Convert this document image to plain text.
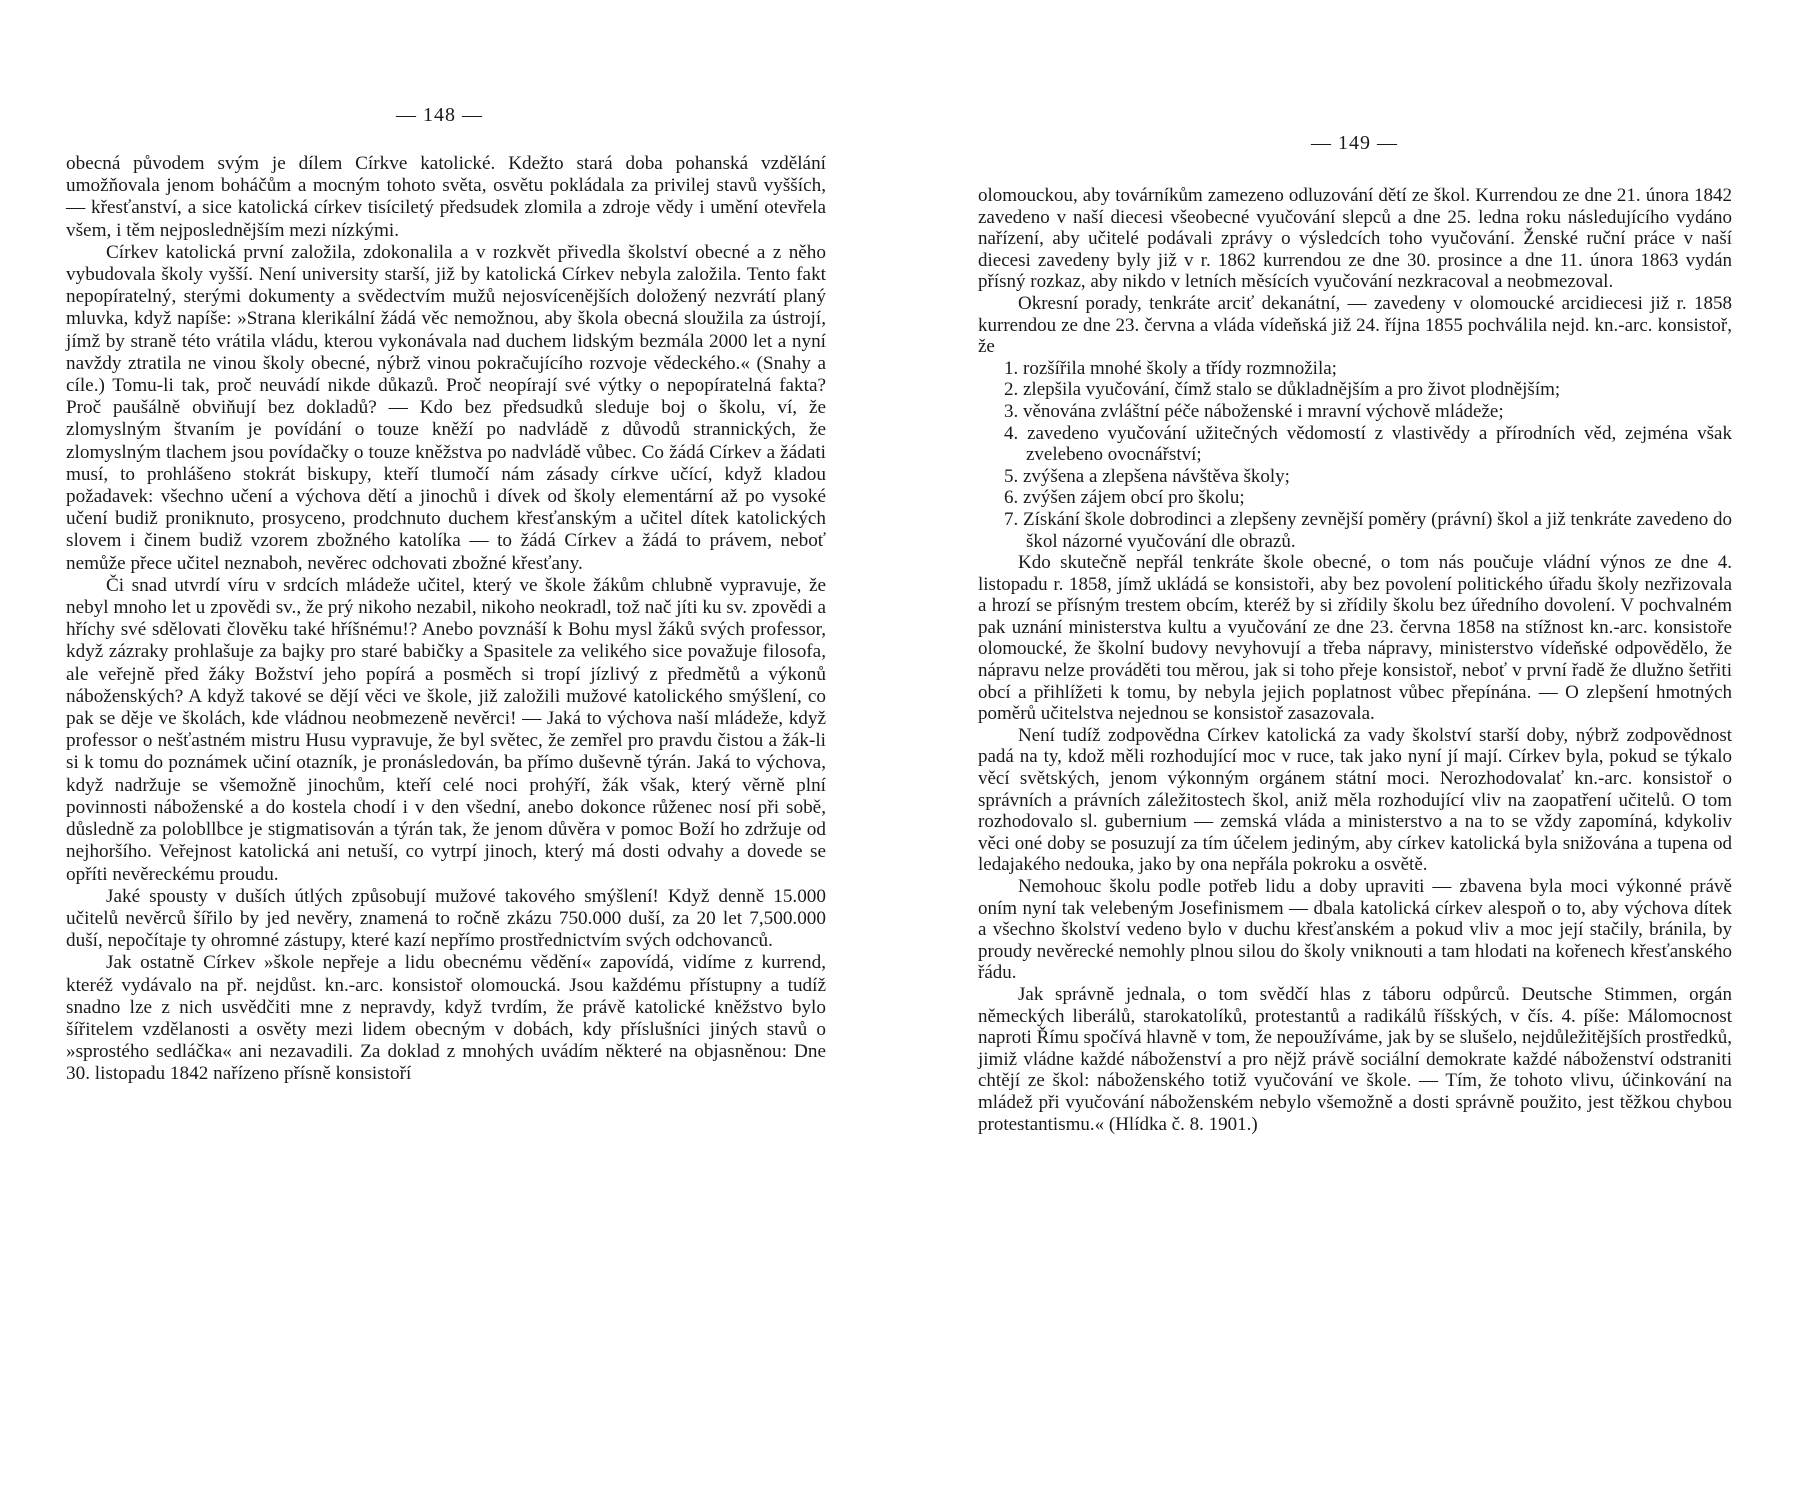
— 148 —

obecná původem svým je dílem Církve katolické. Kdežto stará doba pohanská vzdělání umožňovala jenom boháčům a mocným tohoto světa, osvětu pokládala za privilej stavů vyšších, — křesťanství, a sice katolická církev tisíciletý předsudek zlomila a zdroje vědy i umění otevřela všem, i těm nejposlednějším mezi nízkými.

Církev katolická první založila, zdokonalila a v rozkvět přivedla školství obecné a z něho vybudovala školy vyšší. Není university starší, již by katolická Církev nebyla založila. Tento fakt nepopíratelný, sterými dokumenty a svědectvím mužů nejosvícenějších doložený nezvrátí planý mluvka, když napíše: »Strana klerikální žádá věc nemožnou, aby škola obecná sloužila za ústrojí, jímž by straně této vrátila vládu, kterou vykonávala nad duchem lidským bezmála 2000 let a nyní navždy ztratila ne vinou školy obecné, nýbrž vinou pokračujícího rozvoje vědeckého.« (Snahy a cíle.) Tomu-li tak, proč neuvádí nikde důkazů. Proč neopírají své výtky o nepopíratelná fakta? Proč paušálně obviňují bez dokladů? — Kdo bez předsudků sleduje boj o školu, ví, že zlomyslným štvaním je povídání o touze kněží po nadvládě z důvodů strannických, že zlomyslným tlachem jsou povídačky o touze kněžstva po nadvládě vůbec. Co žádá Církev a žádati musí, to prohlášeno stokrát biskupy, kteří tlumočí nám zásady církve učící, když kladou požadavek: všechno učení a výchova dětí a jinochů i dívek od školy elementární až po vysoké učení budiž proniknuto, prosyceno, prodchnuto duchem křesťanským a učitel dítek katolických slovem i činem budiž vzorem zbožného katolíka — to žádá Církev a žádá to právem, neboť nemůže přece učitel neznaboh, nevěrec odchovati zbožné křesťany.

Či snad utvrdí víru v srdcích mládeže učitel, který ve škole žákům chlubně vypravuje, že nebyl mnoho let u zpovědi sv., že prý nikoho nezabil, nikoho neokradl, tož nač jíti ku sv. zpovědi a hříchy své sdělovati člověku také hříšnému!? Anebo povznáší k Bohu mysl žáků svých professor, když zázraky prohlašuje za bajky pro staré babičky a Spasitele za velikého sice považuje filosofa, ale veřejně před žáky Božství jeho popírá a posměch si tropí jízlivý z předmětů a výkonů náboženských? A když takové se dějí věci ve škole, již založili mužové katolického smýšlení, co pak se děje ve školách, kde vládnou neobmezeně nevěrci! — Jaká to výchova naší mládeže, když professor o nešťastném mistru Husu vypravuje, že byl světec, že zemřel pro pravdu čistou a žák-li si k tomu do poznámek učiní otazník, je pronásledován, ba přímo duševně týrán. Jaká to výchova, když nadržuje se všemožně jinochům, kteří celé noci prohýří, žák však, který věrně plní povinnosti náboženské a do kostela chodí i v den všední, anebo dokonce růženec nosí při sobě, důsledně za polobllbce je stigmatisován a týrán tak, že jenom důvěra v pomoc Boží ho zdržuje od nejhoršího. Veřejnost katolická ani netuší, co vytrpí jinoch, který má dosti odvahy a dovede se opříti nevěreckému proudu.

Jaké spousty v duších útlých způsobují mužové takového smýšlení! Když denně 15.000 učitelů nevěrců šířilo by jed nevěry, znamená to ročně zkázu 750.000 duší, za 20 let 7,500.000 duší, nepočítaje ty ohromné zástupy, které kazí nepřímo prostřednictvím svých odchovanců.

Jak ostatně Církev »škole nepřeje a lidu obecnému vědění« zapovídá, vidíme z kurrend, kteréž vydávalo na př. nejdůst. kn.-arc. konsistoř olomoucká. Jsou každému přístupny a tudíž snadno lze z nich usvědčiti mne z nepravdy, když tvrdím, že právě katolické kněžstvo bylo šířitelem vzdělanosti a osvěty mezi lidem obecným v dobách, kdy příslušníci jiných stavů o »sprostého sedláčka« ani nezavadili. Za doklad z mnohých uvádím některé na objasněnou: Dne 30. listopadu 1842 nařízeno přísně konsistoří

— 149 —

olomouckou, aby továrníkům zamezeno odluzování dětí ze škol. Kurrendou ze dne 21. února 1842 zavedeno v naší diecesi všeobecné vyučování slepců a dne 25. ledna roku následujícího vydáno nařízení, aby učitelé podávali zprávy o výsledcích toho vyučování. Ženské ruční práce v naší diecesi zavedeny byly již v r. 1862 kurrendou ze dne 30. prosince a dne 11. února 1863 vydán přísný rozkaz, aby nikdo v letních měsících vyučování nezkracoval a neobmezoval.

Okresní porady, tenkráte arciť dekanátní, — zavedeny v olomoucké arcidiecesi již r. 1858 kurrendou ze dne 23. června a vláda vídeňská již 24. října 1855 pochválila nejd. kn.-arc. konsistoř, že

1. rozšířila mnohé školy a třídy rozmnožila;
2. zlepšila vyučování, čímž stalo se důkladnějším a pro život plodnějším;
3. věnována zvláštní péče náboženské i mravní výchově mládeže;
4. zavedeno vyučování užitečných vědomostí z vlastivědy a přírodních věd, zejména však zvelebeno ovocnářství;
5. zvýšena a zlepšena návštěva školy;
6. zvýšen zájem obcí pro školu;
7. Získání škole dobrodinci a zlepšeny zevnější poměry (právní) škol a již tenkráte zavedeno do škol názorné vyučování dle obrazů.

Kdo skutečně nepřál tenkráte škole obecné, o tom nás poučuje vládní výnos ze dne 4. listopadu r. 1858, jímž ukládá se konsistoři, aby bez povolení politického úřadu školy nezřizovala a hrozí se přísným trestem obcím, kteréž by si zřídily školu bez úředního dovolení. V pochvalném pak uznání ministerstva kultu a vyučování ze dne 23. června 1858 na stížnost kn.-arc. konsistoře olomoucké, že školní budovy nevyhovují a třeba nápravy, ministerstvo vídeňské odpovědělo, že nápravu nelze prováděti tou měrou, jak si toho přeje konsistoř, neboť v první řadě že dlužno šetřiti obcí a přihlížeti k tomu, by nebyla jejich poplatnost vůbec přepínána. — O zlepšení hmotných poměrů učitelstva nejednou se konsistoř zasazovala.

Není tudíž zodpovědna Církev katolická za vady školství starší doby, nýbrž zodpovědnost padá na ty, kdož měli rozhodující moc v ruce, tak jako nyní jí mají. Církev byla, pokud se týkalo věcí světských, jenom výkonným orgánem státní moci. Nerozhodovalať kn.-arc. konsistoř o správních a právních záležitostech škol, aniž měla rozhodující vliv na zaopatření učitelů. O tom rozhodovalo sl. gubernium — zemská vláda a ministerstvo a na to se vždy zapomíná, kdykoliv věci oné doby se posuzují za tím účelem jediným, aby církev katolická byla snižována a tupena od ledajakého nedouka, jako by ona nepřála pokroku a osvětě.

Nemohouc školu podle potřeb lidu a doby upraviti — zbavena byla moci výkonné právě oním nyní tak velebeným Josefinismem — dbala katolická církev alespoň o to, aby výchova dítek a všechno školství vedeno bylo v duchu křesťanském a pokud vliv a moc její stačily, bránila, by proudy nevěrecké nemohly plnou silou do školy vniknouti a tam hlodati na kořenech křesťanského řádu.

Jak správně jednala, o tom svědčí hlas z táboru odpůrců. Deutsche Stimmen, orgán německých liberálů, starokatolíků, protestantů a radikálů říšských, v čís. 4. píše: Málomocnost naproti Římu spočívá hlavně v tom, že nepoužíváme, jak by se slušelo, nejdůležitějších prostředků, jimiž vládne každé náboženství a pro nějž právě sociální demokrate každé náboženství odstraniti chtějí ze škol: náboženského totiž vyučování ve škole. — Tím, že tohoto vlivu, účinkování na mládež při vyučování náboženském nebylo všemožně a dosti správně použito, jest těžkou chybou protestantismu.« (Hlídka č. 8. 1901.)
